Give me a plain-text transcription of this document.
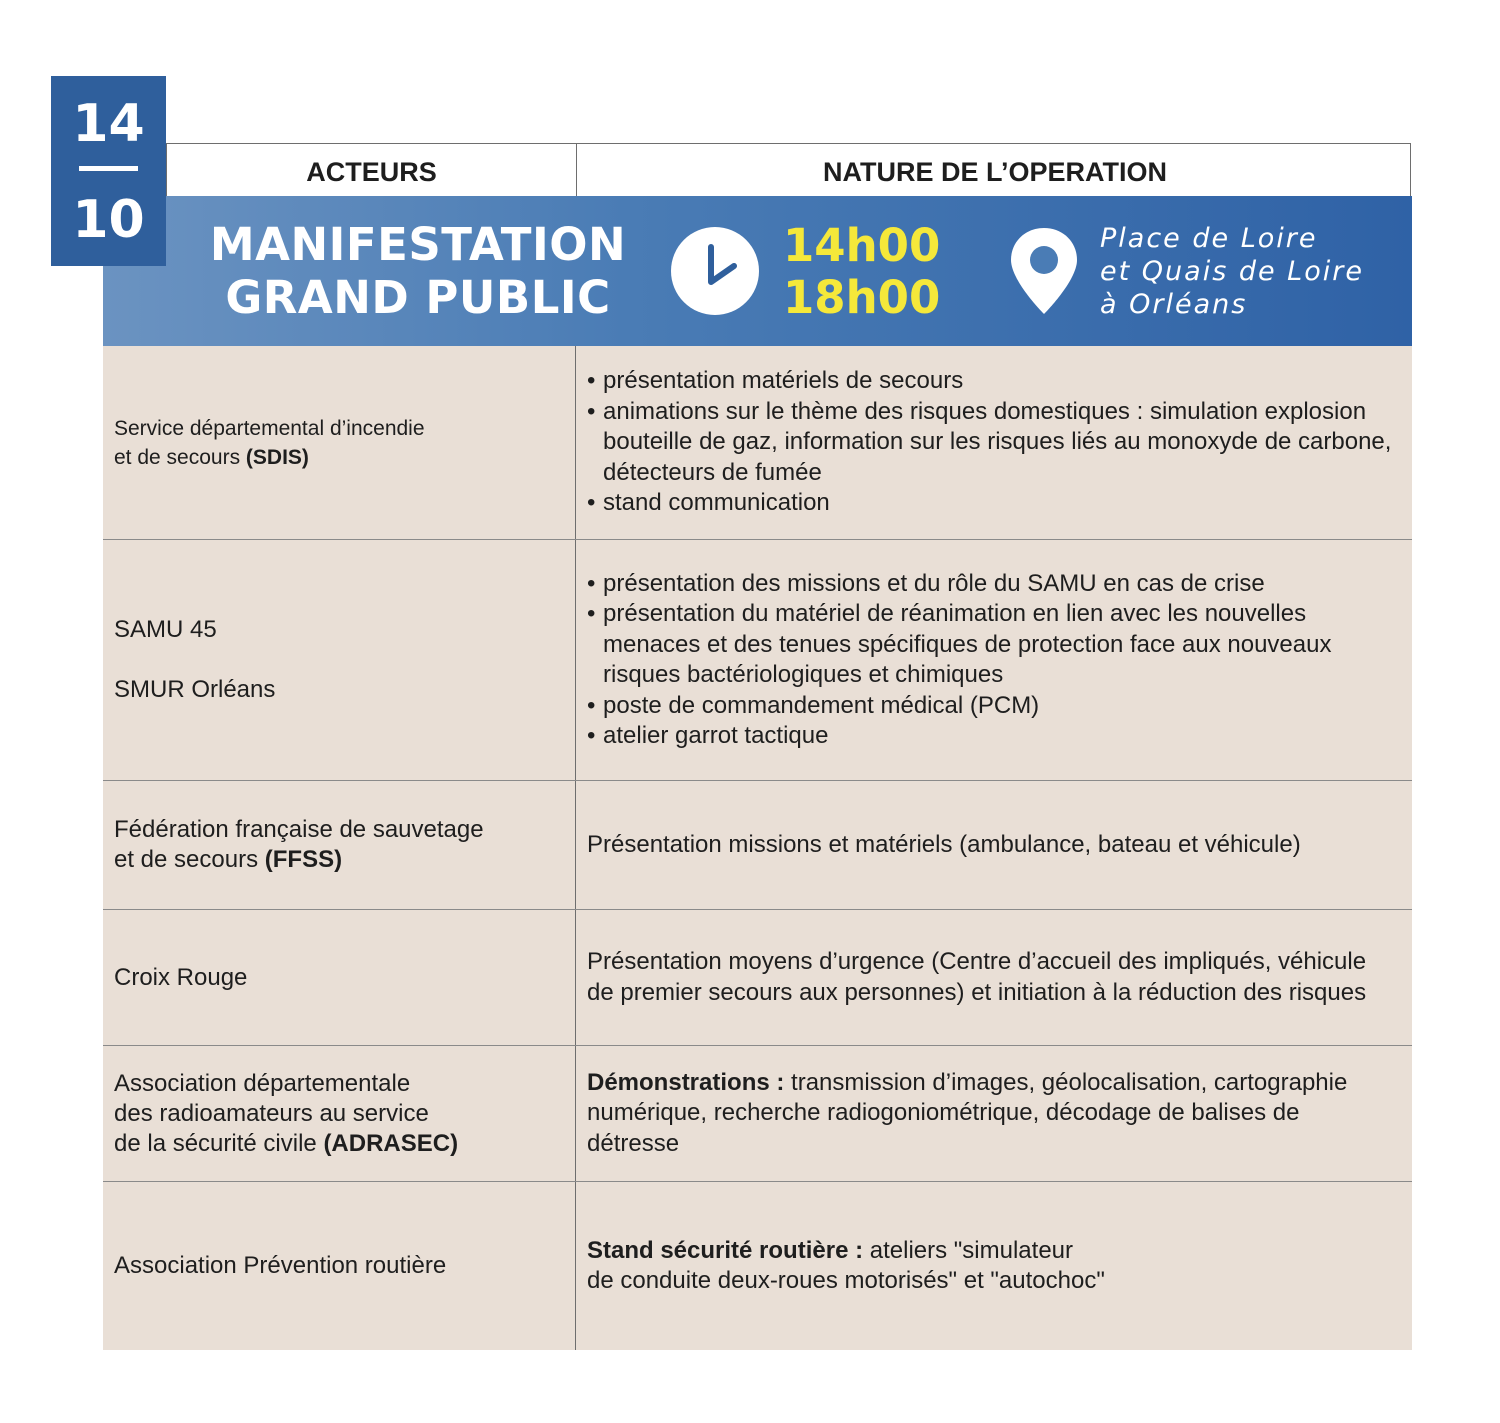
14
10
ACTEURS	NATURE DE L’OPERATION
MANIFESTATION
GRAND PUBLIC
14h00
18h00
Place de Loire
et Quais de Loire
à Orléans
Service départemental d’incendie
et de secours (SDIS)
• présentation matériels de secours
• animations sur le thème des risques domestiques : simulation explosion bouteille de gaz, information sur les risques liés au monoxyde de carbone, détecteurs de fumée
• stand communication
SAMU 45
SMUR Orléans
• présentation des missions et du rôle du SAMU en cas de crise
• présentation du matériel de réanimation en lien avec les nouvelles menaces et des tenues spécifiques de protection face aux nouveaux risques bactériologiques et chimiques
• poste de commandement médical (PCM)
• atelier garrot tactique
Fédération française de sauvetage
et de secours (FFSS)
Présentation missions et matériels (ambulance, bateau et véhicule)
Croix Rouge
Présentation moyens d’urgence (Centre d’accueil des impliqués, véhicule de premier secours aux personnes) et initiation à la réduction des risques
Association départementale
des radioamateurs au service
de la sécurité civile (ADRASEC)
Démonstrations : transmission d’images, géolocalisation, cartographie numérique, recherche radiogoniométrique, décodage de balises de détresse
Association Prévention routière
Stand sécurité routière : ateliers "simulateur
de conduite deux-roues motorisés" et "autochoc"
